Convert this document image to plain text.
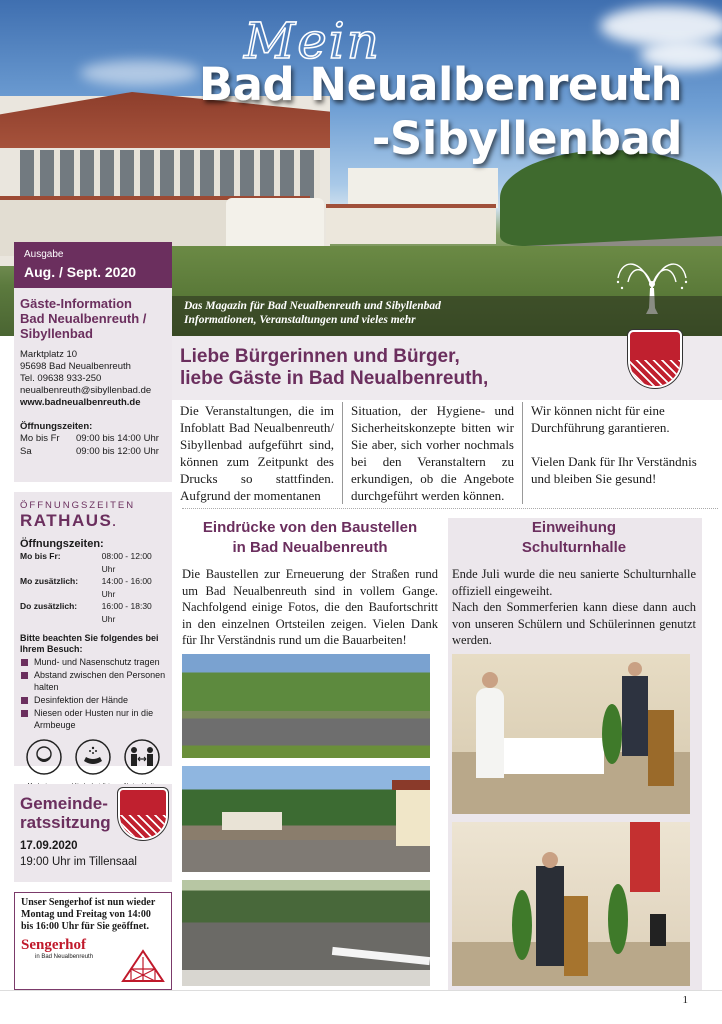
Mein
Bad Neualbenreuth
-Sibyllenbad
Das Magazin für Bad Neualbenreuth und Sibyllenbad
Informationen, Veranstaltungen und vieles mehr
Ausgabe
Aug. / Sept. 2020
Gäste-Information
Bad Neualbenreuth /
Sibyllenbad
Marktplatz 10
95698 Bad Neualbenreuth
Tel. 09638 933-250
neualbenreuth@sibyllenbad.de
www.badneualbenreuth.de
Öffnungszeiten:
Mo bis Fr	09:00 bis 14:00 Uhr
Sa	09:00 bis 12:00 Uhr
ÖFFNUNGSZEITEN
RATHAUS.
Öffnungszeiten:
Mo bis Fr:	08:00 - 12:00 Uhr
Mo zusätzlich:	14:00 - 16:00 Uhr
Do zusätzlich:	16:00 - 18:30 Uhr
Bitte beachten Sie folgendes bei Ihrem Besuch:
Mund- und Nasenschutz tragen
Abstand zwischen den Personen halten
Desinfektion der Hände
Niesen oder Husten nur in die Armbeuge
Gemeinde-ratssitzung
17.09.2020
19:00 Uhr im Tillensaal
Unser Sengerhof ist nun wieder Montag und Freitag von 14:00 bis 16:00 Uhr für Sie geöffnet.
Sengerhof
in Bad Neualbenreuth
Liebe Bürgerinnen und Bürger,
liebe Gäste in Bad Neualbenreuth,
Die Veranstaltungen, die im Infoblatt Bad Neualbenreuth/ Sibyllenbad aufgeführt sind, können zum Zeitpunkt des Drucks so stattfinden. Aufgrund der momentanen
Situation, der Hygiene- und Sicherheitskonzepte bitten wir Sie aber, sich vorher nochmals bei den Veranstaltern zu erkundigen, ob die Angebote durchgeführt werden können.
Wir können nicht für eine Durchführung garantieren.
Vielen Dank für Ihr Verständnis und bleiben Sie gesund!
Eindrücke von den Baustellen
in Bad Neualbenreuth
Die Baustellen zur Erneuerung der Straßen rund um Bad Neualbenreuth sind in vollem Gange. Nachfolgend einige Fotos, die den Baufortschritt in den einzelnen Ortsteilen zeigen. Vielen Dank für Ihr Verständnis rund um die Bauarbeiten!
Einweihung
Schulturnhalle
Ende Juli wurde die neu sanierte Schulturnhalle offiziell eingeweiht.
Nach den Sommerferien kann diese dann auch von unseren Schülern und Schülerinnen genutzt werden.
1
